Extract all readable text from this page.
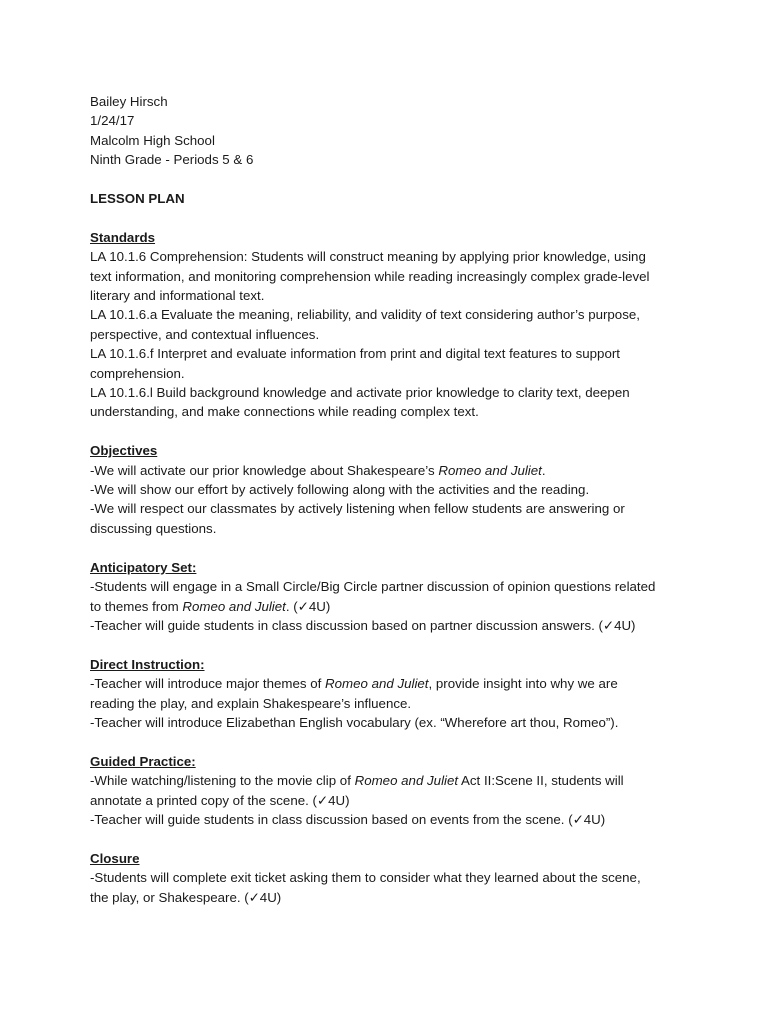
Bailey Hirsch
1/24/17
Malcolm High School
Ninth Grade - Periods 5 & 6
LESSON PLAN
Standards
LA 10.1.6 Comprehension: Students will construct meaning by applying prior knowledge, using
text information, and monitoring comprehension while reading increasingly complex grade-level
literary and informational text.
LA 10.1.6.a Evaluate the meaning, reliability, and validity of text considering author’s purpose,
perspective, and contextual influences.
LA 10.1.6.f Interpret and evaluate information from print and digital text features to support
comprehension.
LA 10.1.6.l Build background knowledge and activate prior knowledge to clarity text, deepen
understanding, and make connections while reading complex text.
Objectives
-We will activate our prior knowledge about Shakespeare’s Romeo and Juliet.
-We will show our effort by actively following along with the activities and the reading.
-We will respect our classmates by actively listening when fellow students are answering or
discussing questions.
Anticipatory Set:
-Students will engage in a Small Circle/Big Circle partner discussion of opinion questions related
to themes from Romeo and Juliet. (✓4U)
-Teacher will guide students in class discussion based on partner discussion answers. (✓4U)
Direct Instruction:
-Teacher will introduce major themes of Romeo and Juliet, provide insight into why we are
reading the play, and explain Shakespeare’s influence.
-Teacher will introduce Elizabethan English vocabulary (ex. “Wherefore art thou, Romeo”).
Guided Practice:
-While watching/listening to the movie clip of Romeo and Juliet Act II:Scene II, students will
annotate a printed copy of the scene. (✓4U)
-Teacher will guide students in class discussion based on events from the scene. (✓4U)
Closure
-Students will complete exit ticket asking them to consider what they learned about the scene,
the play, or Shakespeare. (✓4U)
